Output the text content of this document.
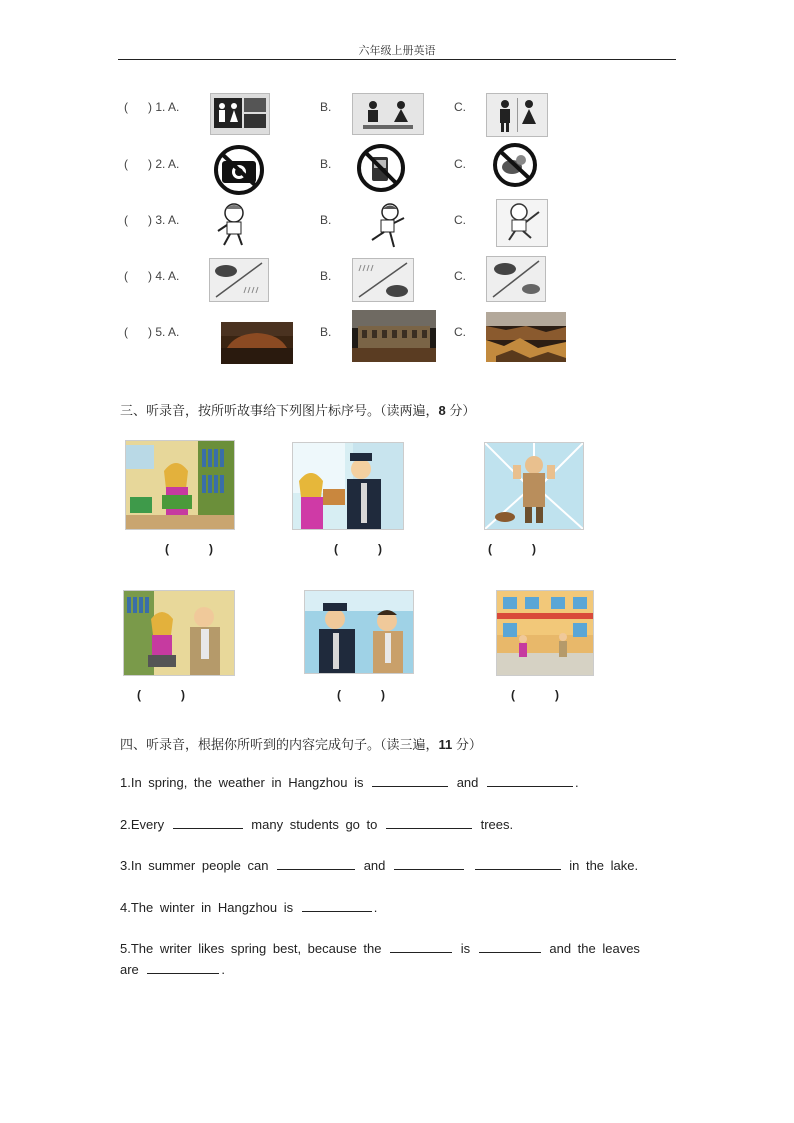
六年级上册英语
(      ) 1. A.	B.	C.
(      ) 2. A.	B.	C.
(      ) 3. A.	B.	C.
(      ) 4. A.	B.	C.
(      ) 5. A.	B.	C.
三、听录音，按所听故事给下列图片标序号。（读两遍，8 分）
(            )	(            )	(            )
(            )	(            )	(            )
四、听录音，根据你所听到的内容完成句子。（读三遍，11 分）
1.In spring, the weather in Hangzhou is	and	.
2.Every	many students go to	trees.
3.In summer people can	and	in the lake.
4.The winter in Hangzhou is	.
5.The writer likes spring best, because the	is	and the leaves are	.
